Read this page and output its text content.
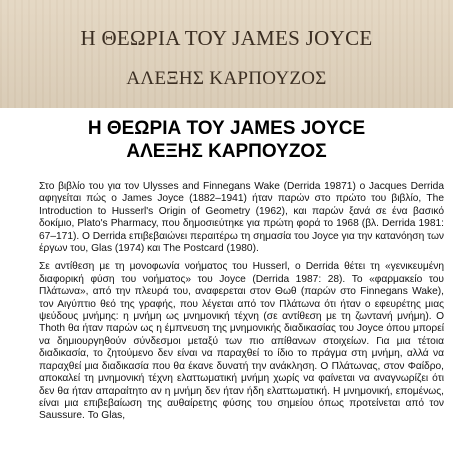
Η ΘΕΩΡΙΑ ΤΟΥ JAMES JOYCE
ΑΛΕΞΗΣ ΚΑΡΠΟΥΖΟΣ
Η ΘΕΩΡΙΑ ΤΟΥ JAMES JOYCE
ΑΛΕΞΗΣ ΚΑΡΠΟΥΖΟΣ

Στο βιβλίο του για τον Ulysses and Finnegans Wake (Derrida 19871) ο Jacques Derrida αφηγείται πώς ο James Joyce (1882–1941) ήταν παρών στο πρώτο του βιβλίο, The Introduction to Husserl's Origin of Geometry (1962), και παρών ξανά σε ένα βασικό δοκίμιο, Plato's Pharmacy, που δημοσιεύτηκε για πρώτη φορά το 1968 (βλ. Derrida 1981: 67–171). Ο Derrida επιβεβαιώνει περαιτέρω τη σημασία του Joyce για την κατανόηση των έργων του, Glas (1974) και The Postcard (1980).

Σε αντίθεση με τη μονοφωνία νοήματος του Husserl, ο Derrida θέτει τη «γενικευμένη διαφορική φύση του νοήματος» του Joyce (Derrida 1987: 28). Το «φαρμακείο του Πλάτωνα», από την πλευρά του, αναφερεται στον Θωθ (παρών στο Finnegans Wake), τον Αιγύπτιο θεό της γραφής, που λέγεται από τον Πλάτωνα ότι ήταν ο εφευρέτης μιας ψεύδους μνήμης: η μνήμη ως μνημονική τέχνη (σε αντίθεση με τη ζωντανή μνήμη). Ο Thoth θα ήταν παρών ως η έμπνευση της μνημονικής διαδικασίας του Joyce όπου μπορεί να δημιουργηθούν σύνδεσμοι μεταξύ των πιο απίθανων στοιχείων. Για μια τέτοια διαδικασία, το ζητούμενο δεν είναι να παραχθεί το ίδιο το πράγμα στη μνήμη, αλλά να παραχθεί μια διαδικασία που θα έκανε δυνατή την ανάκληση. Ο Πλάτωνας, στον Φαίδρο, αποκαλεί τη μνημονική τέχνη ελαττωματική μνήμη χωρίς να φαίνεται να αναγνωρίζει ότι δεν θα ήταν απαραίτητο αν η μνήμη δεν ήταν ήδη ελαττωματική. Η μνημονική, επομένως, είναι μια επιβεβαίωση της αυθαίρετης φύσης του σημείου όπως προτείνεται από τον Saussure. Το Glas,
